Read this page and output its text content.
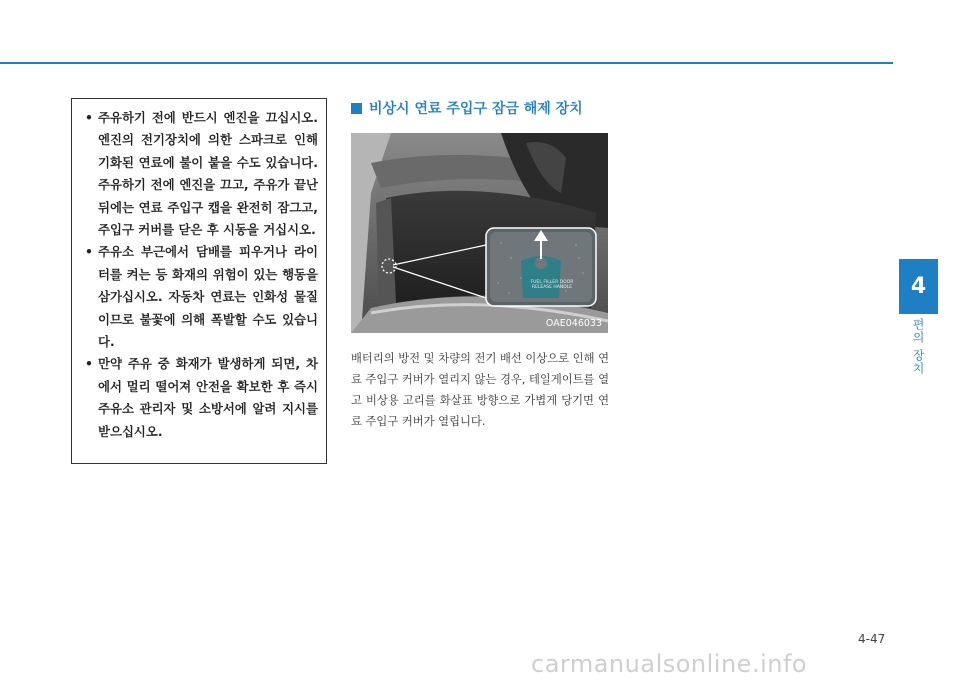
• 주유하기 전에 반드시 엔진을 끄십시오. 엔진의 전기장치에 의한 스파크로 인해 기화된 연료에 불이 붙을 수도 있습니다. 주유하기 전에 엔진을 끄고, 주유가 끝난 뒤에는 연료 주입구 캡을 완전히 잠그고, 주입구 커버를 닫은 후 시동을 거십시오.
• 주유소 부근에서 담배를 피우거나 라이터를 켜는 등 화재의 위험이 있는 행동을 삼가십시오. 자동차 연료는 인화성 물질이므로 불꽃에 의해 폭발할 수도 있습니다.
• 만약 주유 중 화재가 발생하게 되면, 차에서 멀리 떨어져 안전을 확보한 후 즉시 주유소 관리자 및 소방서에 알려 지시를 받으십시오.
비상시 연료 주입구 잠금 해제 장치
FUEL FILLER DOOR
RELEASE HANDLE
OAE046033
배터리의 방전 및 차량의 전기 배선 이상으로 인해 연료 주입구 커버가 열리지 않는 경우, 테일게이트를 열고 비상용 고리를 화살표 방향으로 가볍게 당기면 연료 주입구 커버가 열립니다.
4
편의 장치
4-47
carmanualsonline.info
